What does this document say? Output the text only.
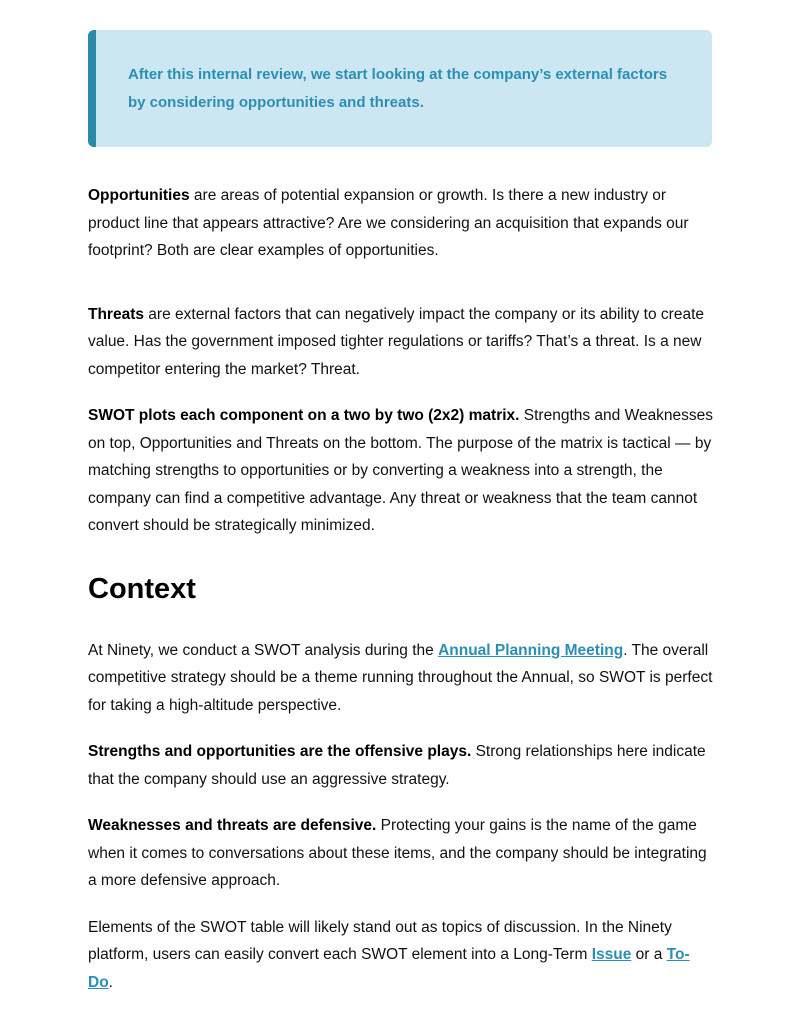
After this internal review, we start looking at the company’s external factors by considering opportunities and threats.

Opportunities are areas of potential expansion or growth. Is there a new industry or product line that appears attractive? Are we considering an acquisition that expands our footprint? Both are clear examples of opportunities.

Threats are external factors that can negatively impact the company or its ability to create value. Has the government imposed tighter regulations or tariffs? That’s a threat. Is a new competitor entering the market? Threat.

SWOT plots each component on a two by two (2x2) matrix. Strengths and Weaknesses on top, Opportunities and Threats on the bottom. The purpose of the matrix is tactical — by matching strengths to opportunities or by converting a weakness into a strength, the company can find a competitive advantage. Any threat or weakness that the team cannot convert should be strategically minimized.

Context

At Ninety, we conduct a SWOT analysis during the Annual Planning Meeting. The overall competitive strategy should be a theme running throughout the Annual, so SWOT is perfect for taking a high-altitude perspective.

Strengths and opportunities are the offensive plays. Strong relationships here indicate that the company should use an aggressive strategy.

Weaknesses and threats are defensive. Protecting your gains is the name of the game when it comes to conversations about these items, and the company should be integrating a more defensive approach.

Elements of the SWOT table will likely stand out as topics of discussion. In the Ninety platform, users can easily convert each SWOT element into a Long-Term Issue or a To-Do.
